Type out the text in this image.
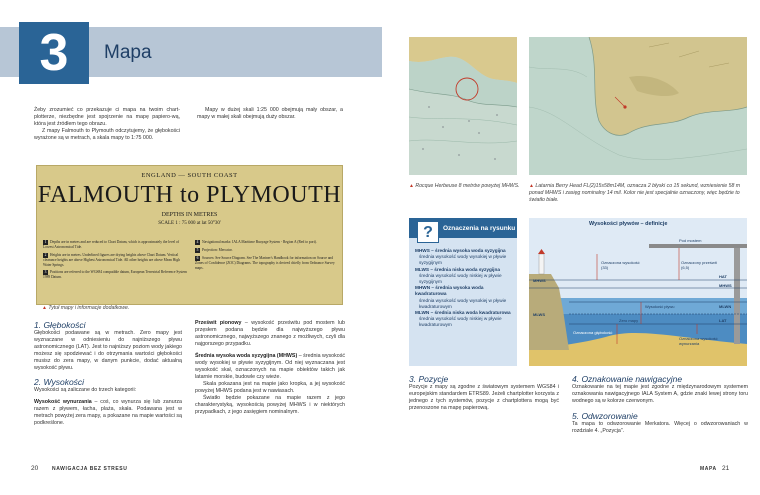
3	Mapa
Żeby zrozumieć co przekazuje ci mapa na twoim chart-plotterze, niezbędne jest spojrzenie na mapę papiero-wą, która jest źródłem tego obrazu.
Z mapy Falmouth to Plymouth odczytujemy, że głębokości wyrażone są w metrach, a skala mapy to 1:75 000.
Mapy w dużej skali 1:25 000 obejmują mały obszar, a mapy w małej skali obejmują duży obszar.
ENGLAND — SOUTH COAST
FALMOUTH to PLYMOUTH
DEPTHS IN METRES
SCALE 1 : 75 000 at lat 50°30'
1 Depths are in metres and are reduced to Chart Datum, which is approximately the level of Lowest Astronomical Tide.
2 Heights are in metres. Underlined figures are drying heights above Chart Datum. Vertical clearance heights are above Highest Astronomical Tide. All other heights are above Mean High Water Springs.
3 Positions are referred to the WGS84 compatible datum, European Terrestrial Reference System 1989 Datum.
4 Navigational marks: IALA Maritime Buoyage System - Region A (Red to port).
5 Projection: Mercator.
6 Sources: See Source Diagram. See The Mariner's Handbook for information on Source and Zones of Confidence (ZOC) Diagrams. The topography is derived chiefly from Ordnance Survey maps.
▲ Tytuł mapy i informacje dodatkowe.
1. Głębokości
Głębokości podawane są w metrach. Zero mapy jest wyznaczane w odniesieniu do najniższego pływu astronomicznego (LAT). Jest to najniższy poziom wody jakiego możesz się spodziewać i do otrzymania wartości głębokości musisz do zera mapy, w danym punkcie, dodać aktualną wysokość pływu.
2. Wysokości
Wysokości są zaliczane do trzech kategorii:
Wysokość wynurzania – coś, co wynurza się lub zanurza razem z pływem, łacha, plaża, skała. Podawana jest w metrach powyżej zera mapy, a pokazane na mapie wartości są podkreślone.
Prześwit pionowy – wysokość prześwitu pod mostem lub przęsłem podana będzie dla najwyższego pływu astronomicznego, najwyższego znanego z możliwych, czyli dla najgorszego przypadku.
Średnia wysoka woda syzygijna (MHWS) – średnia wysokość wody wysokiej w pływie syzygijnym. Od niej wyznaczana jest wysokość skał, oznaczonych na mapie obiektów takich jak latarnie morskie, budowle czy wieże.
Skala pokazana jest na mapie jako kropka, a jej wysokość powyżej MHWS podana jest w nawiasach.
Światło będzie pokazane na mapie razem z jego charakterystyką, wysokością powyżej MHWS i w niektórych przypadkach, z jego zasięgiem nominalnym.
20	NAWIGACJA BEZ STRESU
▲ Rocque Herbeuse 8 metrów powyżej MHWS.	▲ Latarnia Berry Head FL(2)15s58m14M, oznacza 2 błyski co 15 sekund, wzniesienie 58 m ponad MHWS i zasięg nominalny 14 mil. Kolor nie jest specjalnie oznaczony, więc będzie to światło białe.
?	Oznaczenia na rysunku
MHWS – średnia wysoka woda syzygijna
średnia wysokość wody wysokiej w pływie syzygijnym
MLWS – średnia niska woda syzygijna
średnia wysokość wody niskiej w pływie syzygijnym
MHWN – średnia wysoka woda kwadraturowa
średnia wysokość wody wysokiej w pływie kwadraturowym
MLWN – średnia niska woda kwadraturowa
średnia wysokość wody niskiej w pływie kwadraturowym
Wysokości pływów – definicje
Pod mostem
Oznaczona wysokość (33)
Oznaczony prześwit (6,5)
HAT
MHWS
MHWS
Wysokość pływu	MLWN
MLWS
Zero mapy
Oznaczona głębokość
LAT
Oznaczona wysokość wynurzania
3. Pozycje
Pozycje z mapy są zgodne z światowym systemem WGS84 i europejskim standardem ETRS89. Jeżeli chartplotter korzysta z jednego z tych systemów, pozycje z chartplottera mogą być przenoszone na mapę papierową.
4. Oznakowanie nawigacyjne
Oznakowanie na tej mapie jest zgodne z międzynarodowym systemem oznakowania nawigacyjnego IALA System A, gdzie znaki lewej strony toru wodnego są w kolorze czerwonym.
5. Odwzorowanie
Ta mapa to odwzorowanie Merkatora. Więcej o odwzorowaniach w rozdziale 4. „Pozycja”.
MAPA 21
